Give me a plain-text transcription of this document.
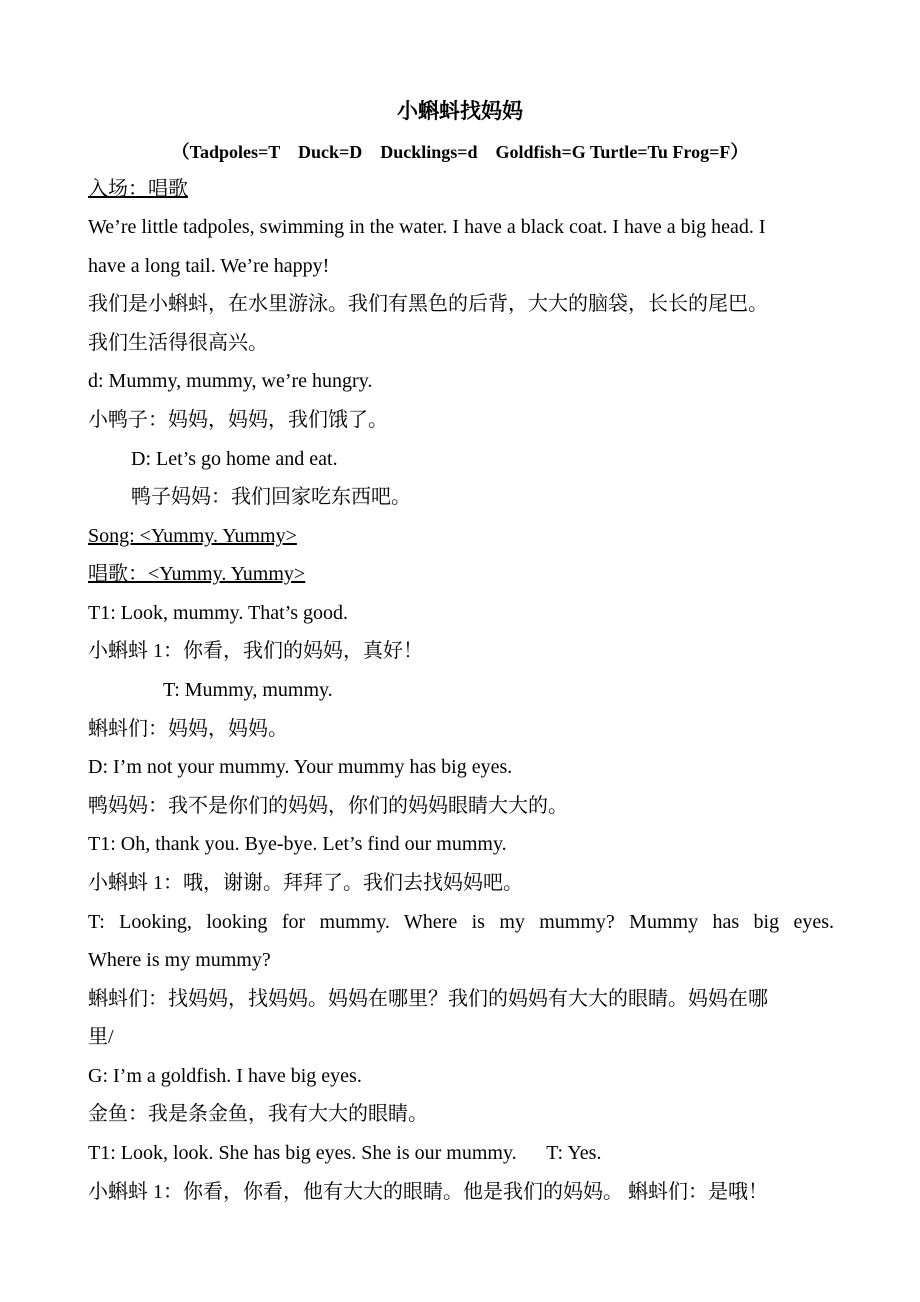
小蝌蚪找妈妈
（Tadpoles=T    Duck=D    Ducklings=d    Goldfish=G Turtle=Tu Frog=F）
入场：唱歌
We’re little tadpoles, swimming in the water. I have a black coat. I have a big head. I
have a long tail. We’re happy!
我们是小蝌蚪，在水里游泳。我们有黑色的后背，大大的脑袋，长长的尾巴。
我们生活得很高兴。
d: Mummy, mummy, we’re hungry.
小鸭子：妈妈，妈妈，我们饿了。
D: Let’s go home and eat.
鸭子妈妈：我们回家吃东西吧。
Song: <Yummy. Yummy>
唱歌：<Yummy. Yummy>
T1: Look, mummy. That’s good.
小蝌蚪 1：你看，我们的妈妈，真好！
T: Mummy, mummy.
蝌蚪们：妈妈，妈妈。
D: I’m not your mummy. Your mummy has big eyes.
鸭妈妈：我不是你们的妈妈，你们的妈妈眼睛大大的。
T1: Oh, thank you. Bye-bye. Let’s find our mummy.
小蝌蚪 1：哦，谢谢。拜拜了。我们去找妈妈吧。
T: Looking, looking for mummy. Where is my mummy? Mummy has big eyes.
Where is my mummy?
蝌蚪们：找妈妈，找妈妈。妈妈在哪里？我们的妈妈有大大的眼睛。妈妈在哪
里/
G: I’m a goldfish. I have big eyes.
金鱼：我是条金鱼，我有大大的眼睛。
T1: Look, look. She has big eyes. She is our mummy.      T: Yes.
小蝌蚪 1：你看，你看，他有大大的眼睛。他是我们的妈妈。 蝌蚪们：是哦！
